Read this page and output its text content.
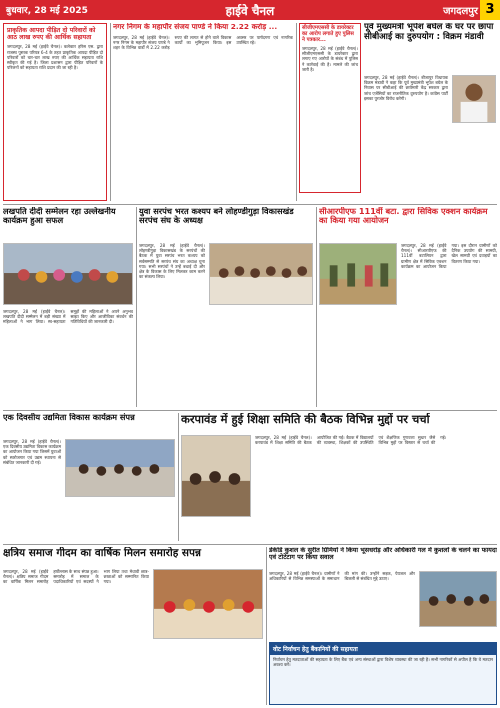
बुधवार, 28 मई 2025	हाईवे चैनल	जगदलपुर 3
प्राकृतिक आपदा पीड़ित दो परिवारों को आठ लाख रुपए की आर्थिक सहायता
जगदलपुर, 28 मई (हाईवे चैनल)। कलेक्टर हरिस एस. द्वारा राजस्व पुस्तक परिपत्र 6-4 के तहत प्राकृतिक आपदा पीड़ित दो परिवारों को चार-चार लाख रुपए की आर्थिक सहायता राशि स्वीकृत की गई है। जिला प्रशासन द्वारा पीड़ित परिवारों के परिजनों को सहायता राशि प्रदान की जा रही है।
नगर निगम के महापौर संजय पाण्डे ने किया 2.22 करोड़ ...
जगदलपुर, 28 मई (हाईवे चैनल)। नगर निगम के महापौर संजय पाण्डे ने शहर के विभिन्न वार्डों में 2.22 करोड़ रुपए की लागत से होने वाले विकास कार्यों का भूमिपूजन किया। इस अवसर पर पार्षदगण एवं नागरिक उपस्थित रहे।
सीजीएमएससी के डायरेक्टर का आरोप लगाते हुए पुलिस ने पत्रकार...
जगदलपुर, 28 मई (हाईवे चैनल)। सीजीएमएससी के डायरेक्टर द्वारा लगाए गए आरोपों के संबंध में पुलिस ने कार्रवाई की है। मामले की जांच जारी है।
पूर्व मुख्यमंत्री भूपेश बघेल के घर पर छापा सीबीआई का दुरुपयोग : विक्रम मंडावी
जगदलपुर, 28 मई (हाईवे चैनल)। बीजापुर विधायक विक्रम मंडावी ने कहा कि पूर्व मुख्यमंत्री भूपेश बघेल के निवास पर सीबीआई की छापेमारी केंद्र सरकार द्वारा जांच एजेंसियों का राजनीतिक दुरुपयोग है। कांग्रेस पार्टी इसका पुरजोर विरोध करेगी।
लखपति दीदी सम्मेलन रहा उल्लेखनीय कार्यक्रम हुआ सफल
जगदलपुर, 28 मई (हाईवे चैनल)। लखपति दीदी सम्मेलन में बड़ी संख्या में महिलाओं ने भाग लिया। स्व-सहायता समूहों की महिलाओं ने अपने अनुभव साझा किए और आजीविका संवर्धन की गतिविधियों की जानकारी दी।
युवा सरपंच भरत कश्यप बने लोहण्डीगुड़ा विकासखंड सरपंच संघ के अध्यक्ष
जगदलपुर, 28 मई (हाईवे चैनल)। लोहण्डीगुड़ा विकासखंड के सरपंचों की बैठक में युवा सरपंच भरत कश्यप को सर्वसम्मति से सरपंच संघ का अध्यक्ष चुना गया। सभी सरपंचों ने उन्हें बधाई दी और क्षेत्र के विकास के लिए मिलकर काम करने का संकल्प लिया।
सीआरपीएफ 111वीं बटा. द्वारा सिविक एक्शन कार्यक्रम का किया गया आयोजन
जगदलपुर, 28 मई (हाईवे चैनल)। सीआरपीएफ की 111वीं बटालियन द्वारा ग्रामीण क्षेत्र में सिविक एक्शन कार्यक्रम का आयोजन किया गया। इस दौरान ग्रामीणों को दैनिक उपयोग की सामग्री, खेल सामग्री एवं दवाइयों का वितरण किया गया।
एक दिवसीय उद्यमिता विकास कार्यक्रम संपन्न
जगदलपुर, 28 मई (हाईवे चैनल)। एक दिवसीय उद्यमिता विकास कार्यक्रम का आयोजन किया गया जिसमें युवाओं को स्वरोजगार एवं उद्यम स्थापना से संबंधित जानकारी दी गई।
करपावंड में हुई शिक्षा समिति की बैठक विभिन्न मुद्दों पर चर्चा
जगदलपुर, 28 मई (हाईवे चैनल)। करपावंड में शिक्षा समिति की बैठक आयोजित की गई। बैठक में विद्यालयों की व्यवस्था, शिक्षकों की उपस्थिति एवं शैक्षणिक गुणवत्ता सुधार जैसे विभिन्न मुद्दों पर विस्तार से चर्चा की गई।
क्षत्रिय समाज गीदम का वार्षिक मिलन समारोह सपन्न
जगदलपुर, 28 मई (हाईवे चैनल)। क्षत्रिय समाज गीदम का वार्षिक मिलन समारोह हर्षोल्लास के साथ संपन्न हुआ। समारोह में समाज के पदाधिकारियों एवं सदस्यों ने भाग लिया तथा मेधावी छात्र-छात्राओं को सम्मानित किया गया।
डेकेडि कुशल के सुरीत ग्रिमियों ने किया भूसधरोड़ और अधिकारी गल में कुशलों के चलने का फायदा एवं टोटेटाग पर किया सवाल
जगदलपुर, 28 मई (हाईवे चैनल)। ग्रामीणों ने अधिकारियों से विभिन्न समस्याओं के समाधान की मांग की। उन्होंने सड़क, पेयजल और बिजली से संबंधित मुद्दे उठाए।
वोट निर्वाचन हेतु बैंकानियों की सहायता
निर्वाचन हेतु मतदाताओं की सहायता के लिए बैंक एवं अन्य संस्थाओं द्वारा विशेष व्यवस्था की जा रही है। सभी नागरिकों से अपील है कि वे मतदान अवश्य करें।
